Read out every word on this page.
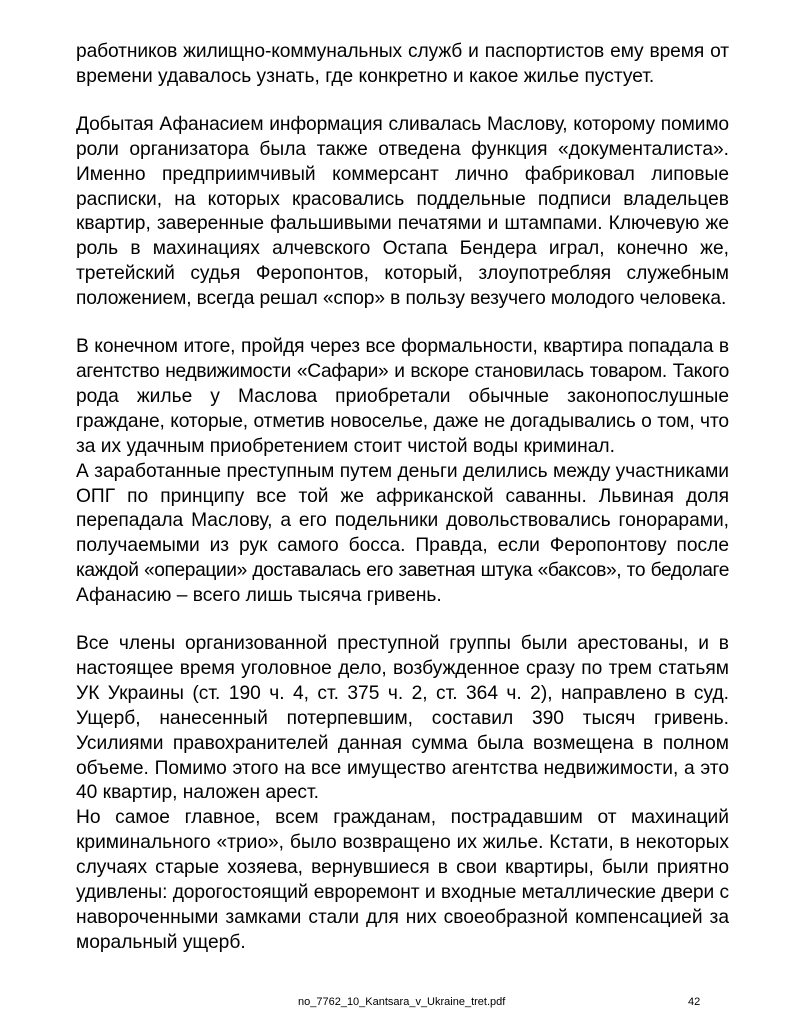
работников жилищно-коммунальных служб и паспортистов ему время от
времени удавалось узнать, где конкретно и какое жилье пустует.

Добытая Афанасием информация сливалась Маслову, которому помимо
роли организатора была также отведена функция «документалиста».
Именно предприимчивый коммерсант лично фабриковал липовые
расписки, на которых красовались поддельные подписи владельцев
квартир, заверенные фальшивыми печатями и штампами. Ключевую же
роль в махинациях алчевского Остапа Бендера играл, конечно же,
третейский судья Феропонтов, который, злоупотребляя служебным
положением, всегда решал «спор» в пользу везучего молодого человека.

В конечном итоге, пройдя через все формальности, квартира попадала в
агентство недвижимости «Сафари» и вскоре становилась товаром. Такого
рода жилье у Маслова приобретали обычные законопослушные
граждане, которые, отметив новоселье, даже не догадывались о том, что
за их удачным приобретением стоит чистой воды криминал.

А заработанные преступным путем деньги делились между участниками
ОПГ по принципу все той же африканской саванны. Львиная доля
перепадала Маслову, а его подельники довольствовались гонорарами,
получаемыми из рук самого босса. Правда, если Феропонтову после
каждой «операции» доставалась его заветная штука «баксов», то бедолаге
Афанасию – всего лишь тысяча гривень.

Все члены организованной преступной группы были арестованы, и в
настоящее время уголовное дело, возбужденное сразу по трем статьям
УК Украины (ст. 190 ч. 4, ст. 375 ч. 2, ст. 364 ч. 2), направлено в суд.
Ущерб, нанесенный потерпевшим, составил 390 тысяч гривень.
Усилиями правохранителей данная сумма была возмещена в полном
объеме. Помимо этого на все имущество агентства недвижимости, а это
40 квартир, наложен арест.

Но самое главное, всем гражданам, пострадавшим от махинаций
криминального «трио», было возвращено их жилье. Кстати, в некоторых
случаях старые хозяева, вернувшиеся в свои квартиры, были приятно
удивлены: дорогостоящий евроремонт и входные металлические двери с
навороченными замками стали для них своеобразной компенсацией за
моральный ущерб.

no_7762_10_Kantsara_v_Ukraine_tret.pdf	42
